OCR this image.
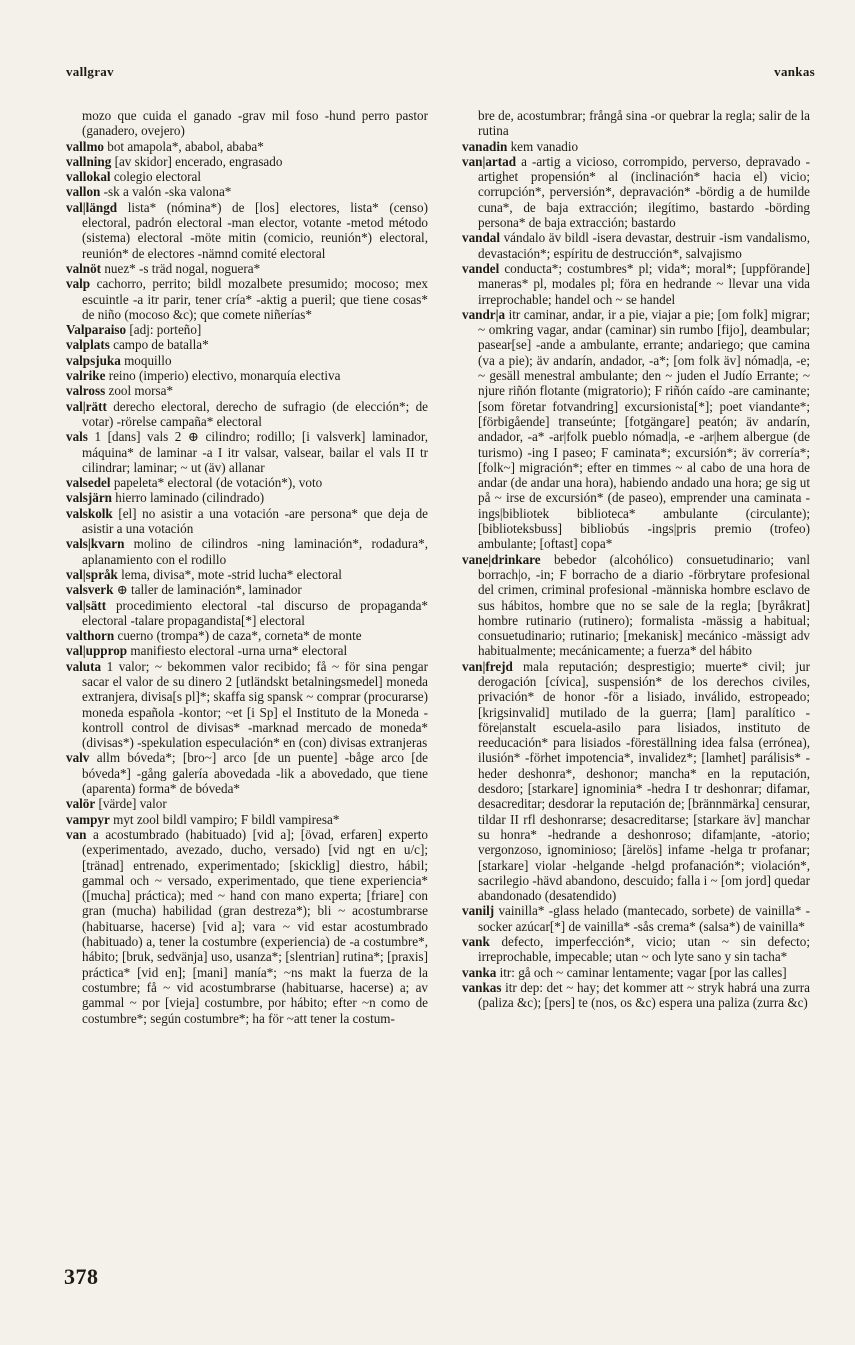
vallgrav	vankas

mozo que cuida el ganado -grav mil foso -hund perro pastor (ganadero, ovejero)

vallmo bot amapola*, ababol, ababa*

vallning [av skidor] encerado, engrasado

vallokal colegio electoral

vallon -sk a valón -ska valona*

val|längd lista* (nómina*) de [los] electores, lista* (censo) electoral, padrón electoral -man elector, votante -metod método (sistema) electoral -möte mitin (comicio, reunión*) electoral, reunión* de electores -nämnd comité electoral

valnöt nuez* -s träd nogal, noguera*

valp cachorro, perrito; bildl mozalbete presumido; mocoso; mex escuintle -a itr parir, tener cría* -aktig a pueril; que tiene cosas* de niño (mocoso &c); que comete niñerías*

Valparaiso [adj: porteño]

valplats campo de batalla*

valpsjuka moquillo

valrike reino (imperio) electivo, monarquía electiva

valross zool morsa*

val|rätt derecho electoral, derecho de sufragio (de elección*; de votar) -rörelse campaña* electoral

vals 1 [dans] vals 2 ⊕ cilindro; rodillo; [i valsverk] laminador, máquina* de laminar -a I itr valsar, valsear, bailar el vals II tr cilindrar; laminar; ~ ut (äv) allanar

valsedel papeleta* electoral (de votación*), voto

valsjärn hierro laminado (cilindrado)

valskolk [el] no asistir a una votación -are persona* que deja de asistir a una votación

vals|kvarn molino de cilindros -ning laminación*, rodadura*, aplanamiento con el rodillo

val|språk lema, divisa*, mote -strid lucha* electoral

valsverk ⊕ taller de laminación*, laminador

val|sätt procedimiento electoral -tal discurso de propaganda* electoral -talare propagandista[*] electoral

valthorn cuerno (trompa*) de caza*, corneta* de monte

val|upprop manifiesto electoral -urna urna* electoral

valuta 1 valor; ~ bekommen valor recibido; få ~ för sina pengar sacar el valor de su dinero 2 [utländskt betalningsmedel] moneda extranjera, divisa[s pl]*; skaffa sig spansk ~ comprar (procurarse) moneda española -kontor; ~et [i Sp] el Instituto de la Moneda -kontroll control de divisas* -marknad mercado de moneda* (divisas*) -spekulation especulación* en (con) divisas extranjeras

valv allm bóveda*; [bro~] arco [de un puente] -båge arco [de bóveda*] -gång galería abovedada -lik a abovedado, que tiene (aparenta) forma* de bóveda*

valör [värde] valor

vampyr myt zool bildl vampiro; F bildl vampiresa*

van a acostumbrado (habituado) [vid a]; [övad, erfaren] experto (experimentado, avezado, ducho, versado) [vid ngt en u/c]; [tränad] entrenado, experimentado; [skicklig] diestro, hábil; gammal och ~ versado, experimentado, que tiene experiencia* ([mucha] práctica); med ~ hand con mano experta; [friare] con gran (mucha) habilidad (gran destreza*); bli ~ acostumbrarse (habituarse, hacerse) [vid a]; vara ~ vid estar acostumbrado (habituado) a, tener la costumbre (experiencia) de -a costumbre*, hábito; [bruk, sedvänja] uso, usanza*; [slentrian] rutina*; [praxis] práctica* [vid en]; [mani] manía*; ~ns makt la fuerza de la costumbre; få ~ vid acostumbrarse (habituarse, hacerse) a; av gammal ~ por [vieja] costumbre, por hábito; efter ~n como de costumbre*; según costumbre*; ha för ~att tener la costum-

bre de, acostumbrar; frångå sina -or quebrar la regla; salir de la rutina

vanadin kem vanadio

van|artad a -artig a vicioso, corrompido, perverso, depravado -artighet propensión* al (inclinación* hacia el) vicio; corrupción*, perversión*, depravación* -bördig a de humilde cuna*, de baja extracción; ilegítimo, bastardo -börding persona* de baja extracción; bastardo

vandal vándalo äv bildl -isera devastar, destruir -ism vandalismo, devastación*; espíritu de destrucción*, salvajismo

vandel conducta*; costumbres* pl; vida*; moral*; [uppförande] maneras* pl, modales pl; föra en hedrande ~ llevar una vida irreprochable; handel och ~ se handel

vandr|a itr caminar, andar, ir a pie, viajar a pie; [om folk] migrar; ~ omkring vagar, andar (caminar) sin rumbo [fijo], deambular; pasear[se] -ande a ambulante, errante; andariego; que camina (va a pie); äv andarín, andador, -a*; [om folk äv] nómad|a, -e; ~ gesäll menestral ambulante; den ~ juden el Judío Errante; ~ njure riñón flotante (migratorio); F riñón caído -are caminante; [som företar fotvandring] excursionista[*]; poet viandante*; [förbigående] transeúnte; [fotgängare] peatón; äv andarín, andador, -a* -ar|folk pueblo nómad|a, -e -ar|hem albergue (de turismo) -ing I paseo; F caminata*; excursión*; äv correría*; [folk~] migración*; efter en timmes ~ al cabo de una hora de andar (de andar una hora), habiendo andado una hora; ge sig ut på ~ irse de excursión* (de paseo), emprender una caminata -ings|bibliotek biblioteca* ambulante (circulante); [biblioteksbuss] bibliobús -ings|pris premio (trofeo) ambulante; [oftast] copa*

vane|drinkare bebedor (alcohólico) consuetudinario; vanl borrach|o, -in; F borracho de a diario -förbrytare profesional del crimen, criminal profesional -människa hombre esclavo de sus hábitos, hombre que no se sale de la regla; [byråkrat] hombre rutinario (rutinero); formalista -mässig a habitual; consuetudinario; rutinario; [mekanisk] mecánico -mässigt adv habitualmente; mecánicamente; a fuerza* del hábito

van|frejd mala reputación; desprestigio; muerte* civil; jur derogación [cívica], suspensión* de los derechos civiles, privación* de honor -för a lisiado, inválido, estropeado; [krigsinvalid] mutilado de la guerra; [lam] paralítico -före|anstalt escuela-asilo para lisiados, instituto de reeducación* para lisiados -föreställning idea falsa (errónea), ilusión* -förhet impotencia*, invalidez*; [lamhet] parálisis* -heder deshonra*, deshonor; mancha* en la reputación, desdoro; [starkare] ignominia* -hedra I tr deshonrar; difamar, desacreditar; desdorar la reputación de; [brännmärka] censurar, tildar II rfl deshonrarse; desacreditarse; [starkare äv] manchar su honra* -hedrande a deshonroso; difam|ante, -atorio; vergonzoso, ignominioso; [ärelös] infame -helga tr profanar; [starkare] violar -helgande -helgd profanación*; violación*, sacrilegio -hävd abandono, descuido; falla i ~ [om jord] quedar abandonado (desatendido)

vanilj vainilla* -glass helado (mantecado, sorbete) de vainilla* -socker azúcar[*] de vainilla* -sås crema* (salsa*) de vainilla*

vank defecto, imperfección*, vicio; utan ~ sin defecto; irreprochable, impecable; utan ~ och lyte sano y sin tacha*

vanka itr: gå och ~ caminar lentamente; vagar [por las calles]

vankas itr dep: det ~ hay; det kommer att ~ stryk habrá una zurra (paliza &c); [pers] te (nos, os &c) espera una paliza (zurra &c)

378
